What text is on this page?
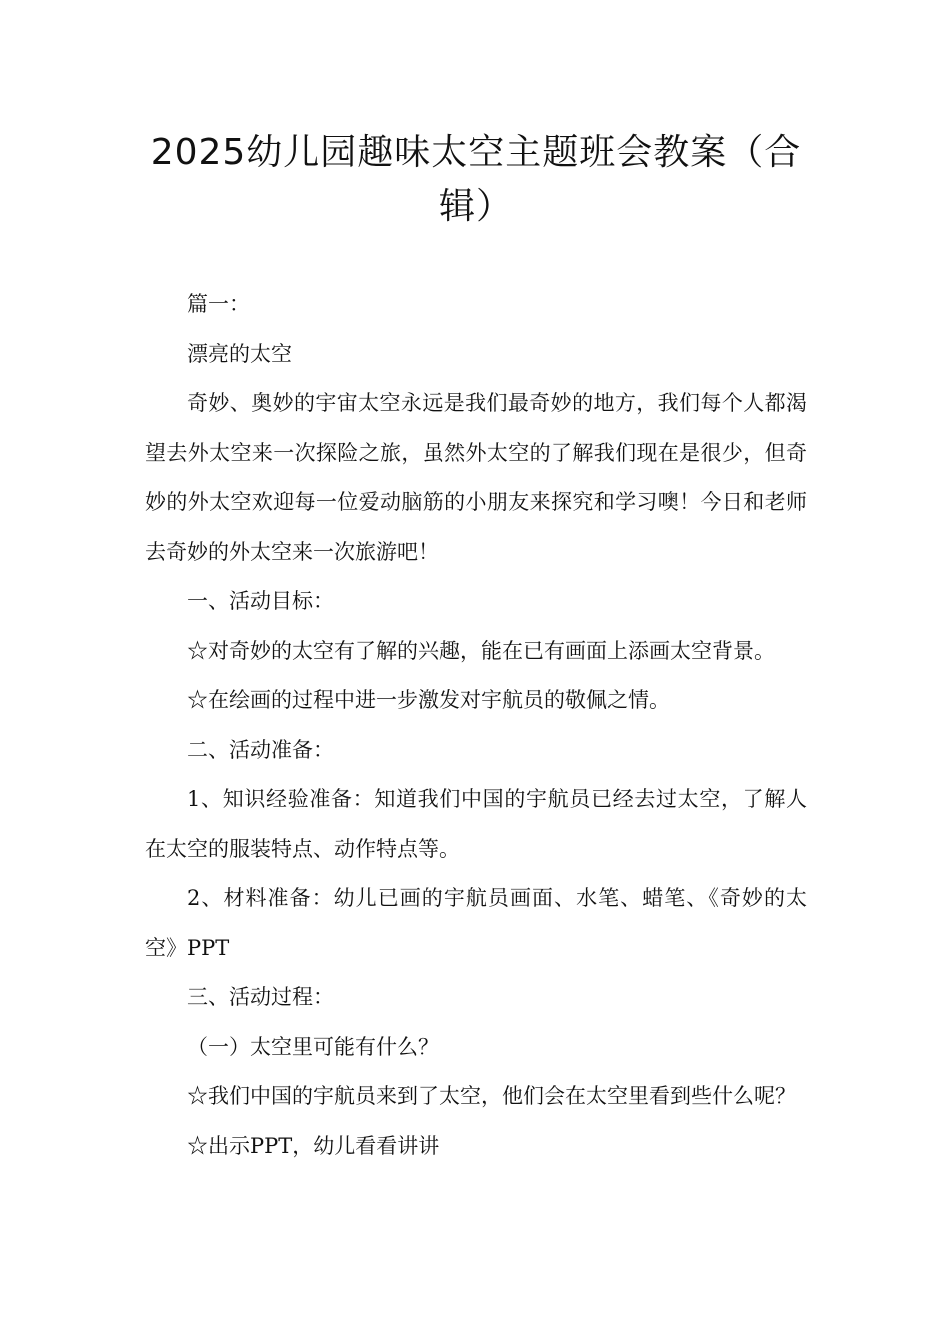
2025幼儿园趣味太空主题班会教案（合辑）

篇一：

漂亮的太空

奇妙、奥妙的宇宙太空永远是我们最奇妙的地方，我们每个人都渴望去外太空来一次探险之旅，虽然外太空的了解我们现在是很少，但奇妙的外太空欢迎每一位爱动脑筋的小朋友来探究和学习噢！今日和老师去奇妙的外太空来一次旅游吧！

一、活动目标：

☆对奇妙的太空有了解的兴趣，能在已有画面上添画太空背景。

☆在绘画的过程中进一步激发对宇航员的敬佩之情。

二、活动准备：

1、知识经验准备：知道我们中国的宇航员已经去过太空，了解人在太空的服装特点、动作特点等。

2、材料准备：幼儿已画的宇航员画面、水笔、蜡笔、《奇妙的太空》PPT

三、活动过程：

（一）太空里可能有什么？

☆我们中国的宇航员来到了太空，他们会在太空里看到些什么呢？

☆出示PPT，幼儿看看讲讲
